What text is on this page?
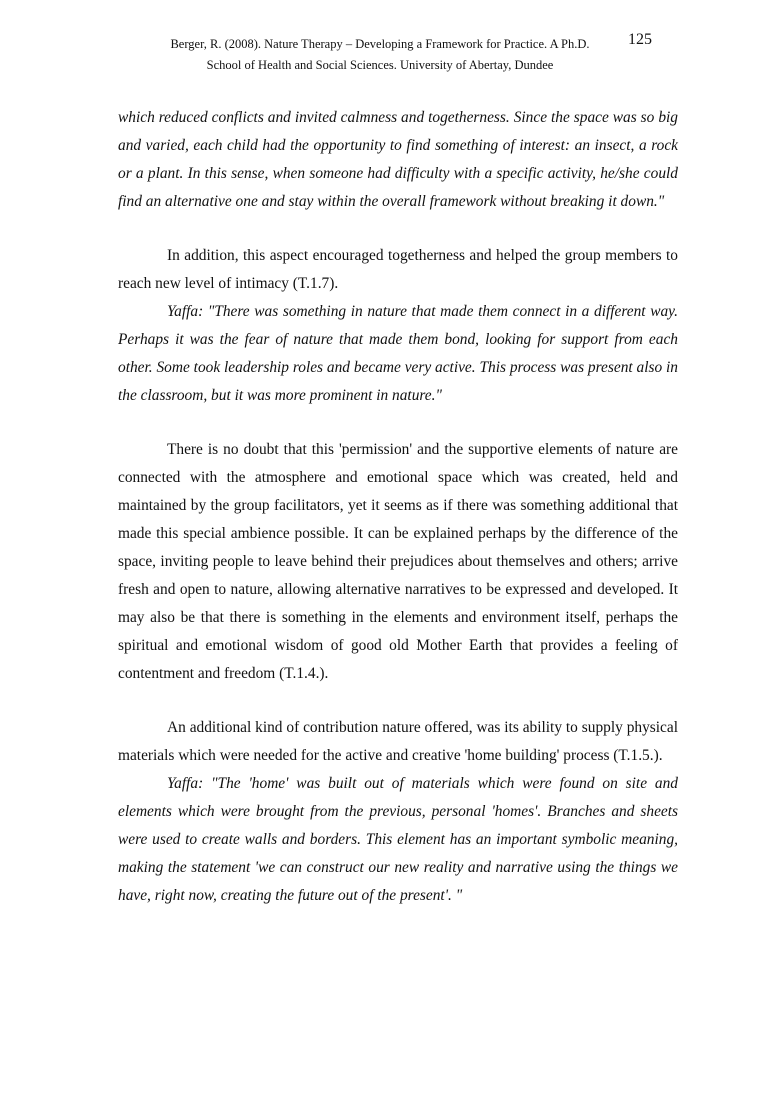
Berger, R. (2008). Nature Therapy – Developing a Framework for Practice. A Ph.D.
School of Health and Social Sciences. University of Abertay, Dundee
125

which reduced conflicts and invited calmness and togetherness. Since the space was so big and varied, each child had the opportunity to find something of interest: an insect, a rock or a plant. In this sense, when someone had difficulty with a specific activity, he/she could find an alternative one and stay within the overall framework without breaking it down."

In addition, this aspect encouraged togetherness and helped the group members to reach new level of intimacy (T.1.7).

Yaffa: "There was something in nature that made them connect in a different way. Perhaps it was the fear of nature that made them bond, looking for support from each other. Some took leadership roles and became very active. This process was present also in the classroom, but it was more prominent in nature."

There is no doubt that this 'permission' and the supportive elements of nature are connected with the atmosphere and emotional space which was created, held and maintained by the group facilitators, yet it seems as if there was something additional that made this special ambience possible. It can be explained perhaps by the difference of the space, inviting people to leave behind their prejudices about themselves and others; arrive fresh and open to nature, allowing alternative narratives to be expressed and developed. It may also be that there is something in the elements and environment itself, perhaps the spiritual and emotional wisdom of good old Mother Earth that provides a feeling of contentment and freedom (T.1.4.).

An additional kind of contribution nature offered, was its ability to supply physical materials which were needed for the active and creative 'home building' process (T.1.5.).

Yaffa: "The 'home' was built out of materials which were found on site and elements which were brought from the previous, personal 'homes'. Branches and sheets were used to create walls and borders. This element has an important symbolic meaning, making the statement 'we can construct our new reality and narrative using the things we have, right now, creating the future out of the present'. "
